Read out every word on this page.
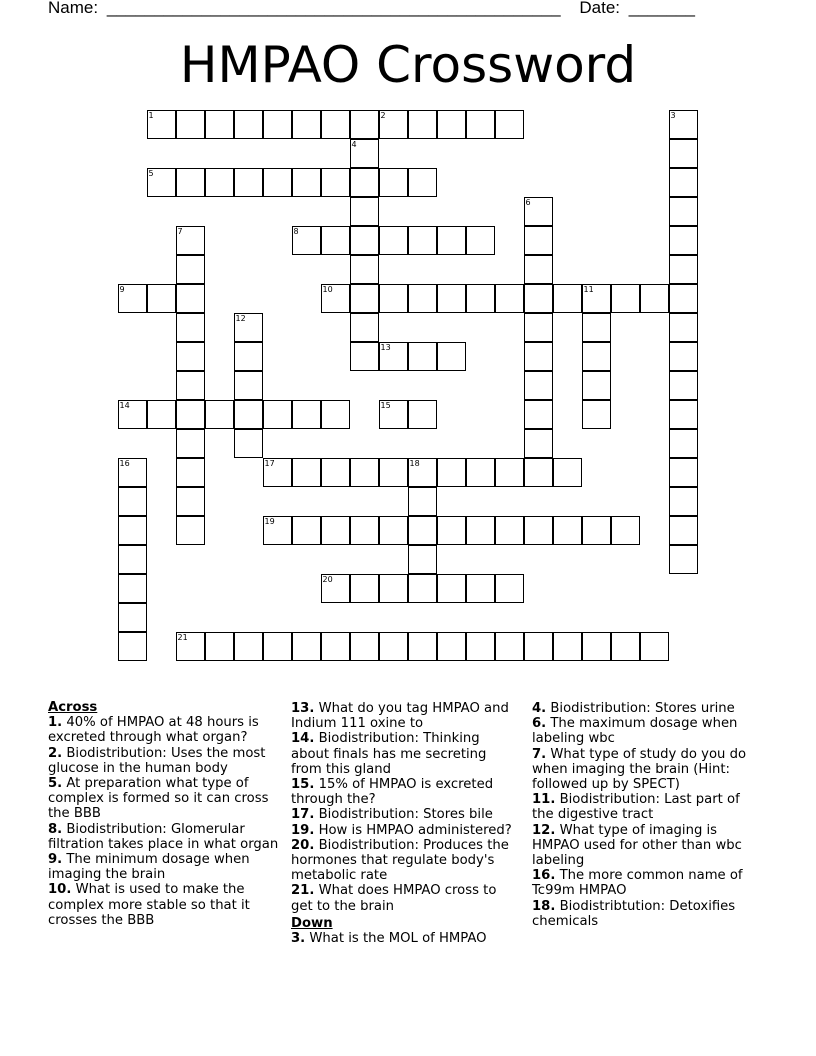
Name: ________________________________________________ Date: _______
HMPAO Crossword
1	2	3
4
5
6
7	8
9	10	11
12
13
14	15
16	17	18
19
20
21
Across
1. 40% of HMPAO at 48 hours is excreted through what organ?
2. Biodistribution: Uses the most glucose in the human body
5. At preparation what type of complex is formed so it can cross the BBB
8. Biodistribution: Glomerular filtration takes place in what organ
9. The minimum dosage when imaging the brain
10. What is used to make the complex more stable so that it crosses the BBB
13. What do you tag HMPAO and Indium 111 oxine to
14. Biodistribution: Thinking about finals has me secreting from this gland
15. 15% of HMPAO is excreted through the?
17. Biodistribution: Stores bile
19. How is HMPAO administered?
20. Biodistribution: Produces the hormones that regulate body's metabolic rate
21. What does HMPAO cross to get to the brain
Down
3. What is the MOL of HMPAO
4. Biodistribution: Stores urine
6. The maximum dosage when labeling wbc
7. What type of study do you do when imaging the brain (Hint: followed up by SPECT)
11. Biodistribution: Last part of the digestive tract
12. What type of imaging is HMPAO used for other than wbc labeling
16. The more common name of Tc99m HMPAO
18. Biodistribtution: Detoxifies chemicals
